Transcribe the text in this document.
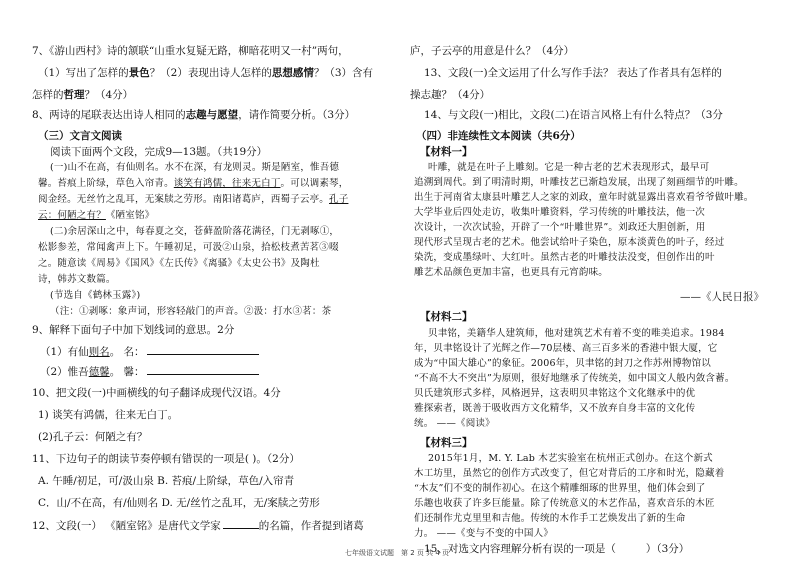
7、《游山西村》诗的颔联“山重水复疑无路，柳暗花明又一村”两句，
（1）写出了怎样的景色？（2）表现出诗人怎样的思想感情？（3）含有
怎样的哲理？（4分）
8、两诗的尾联表达出诗人相同的志趣与愿望，请作简要分析。（3分）
（三）文言文阅读
阅读下面两个文段，完成9—13题。（共19分）
(一)山不在高，有仙则名。水不在深，有龙则灵。斯是陋室，惟吾德
馨。苔痕上阶绿，草色入帘青。谈笑有鸿儒，往来无白丁。可以调素琴，
阅金经。无丝竹之乱耳，无案牍之劳形。南阳诸葛庐，西蜀子云亭。孔子
云：何陋之有？《陋室铭》
(二)余居深山之中，每春夏之交，苍藓盈阶落花满径，门无剥啄①，
松影参差，常闻禽声上下。午睡初足，可汲②山泉，拾松枝煮苦茗③啜
之。随意读《周易》《国风》《左氏传》《离骚》《太史公书》及陶杜
诗，韩苏文数篇。
(节选自《鹤林玉露》)
（注：①剥啄：象声词，形容轻敲门的声音。②汲：打水③茗：茶
9、解释下面句子中加下划线词的意思。2分
（1）有仙则名。 名：
（2）惟吾德馨。 馨：
10、把文段(一)中画横线的句子翻译成现代汉语。4分
1) 谈笑有鸿儒，往来无白丁。
(2)孔子云：何陋之有？
11、下边句子的朗读节奏停顿有错误的一项是( )。（2分）
A. 午睡/初足，可/汲山泉 B. 苔痕/上阶绿，草色/入帘青
C．山/不在高，有/仙则名 D. 无/丝竹之乱耳，无/案牍之劳形
12、文段(一） 《陋室铭》是唐代文学家	的名篇，作者提到诸葛
庐，子云亭的用意是什么？（4分）
13、文段(一)全文运用了什么写作手法？ 表达了作者具有怎样的
操志趣？（4分）
14、与文段(一)相比，文段(二)在语言风格上有什么特点？（3分
（四）非连续性文本阅读（共6分）
【材料一】
叶雕，就是在叶子上雕刻。它是一种古老的艺术表现形式，最早可
追溯到周代。到了明清时期，叶雕技艺已渐趋发展，出现了刻画细节的叶雕。
出生于河南省太康县叶雕艺人之家的刘政，童年时就显露出喜欢看爷爷做叶雕。
大学毕业后四处走访，收集叶雕资料，学习传统的叶雕技法，他一次
次设计，一次次试验，开辟了一个“叶雕世界”。刘政还大胆创新，用
现代形式呈现古老的艺术。他尝试给叶子染色，原本淡黄色的叶子，经过
染洗，变成墨绿叶、大红叶。虽然古老的叶雕技法没变，但创作出的叶
雕艺术品颜色更加丰富，也更具有元宵韵味。
——《人民日报》
【材料二】
贝聿铭，美籍华人建筑师，他对建筑艺术有着不变的唯美追求。1984
年，贝聿铭设计了光辉之作—70层楼、高三百多米的香港中银大厦，它
成为“中国大雄心”的象征。2006年，贝聿铭的封刀之作苏州博物馆以
“不高不大不突出”为原则，很好地继承了传统美，如中国文人般内敛含蓄。
贝氏建筑形式多样，风格迥异，这表明贝聿铭这个文化继承中的优
雅探索者，既善于吸收西方文化精华，又不放弃自身丰富的文化传
统。 ——《阅读》
【材料三】
2015年1月，M. Y. Lab 木艺实验室在杭州正式创办。在这个新式
木工坊里，虽然它的创作方式改变了，但它对背后的工序和时光，隐藏着
“木友”们不变的制作初心。在这个精雕细琢的世界里，他们体会到了
乐趣也收获了许多巨能量。除了传统意义的木艺作品，喜欢音乐的木匠
们还制作尤克里里和吉他。传统的木作手工艺焕发出了新的生命
力。 ——《变与不变的中国人》
15、对选文内容理解分析有误的一项是（	）（3分）
七年级语文试题　第 2 页 共 4 页
